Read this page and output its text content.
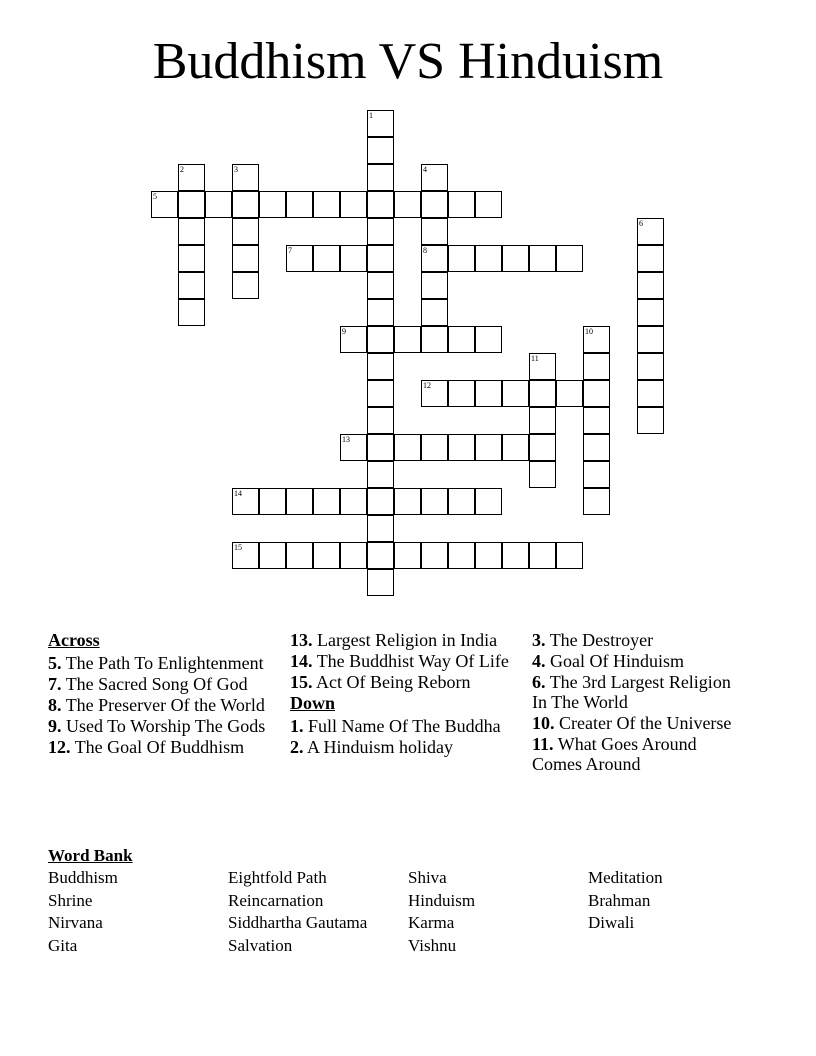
Buddhism VS Hinduism
1
2	3	4
5
6
7	8
9	10
11
12
13
14
15
Across
5. The Path To Enlightenment
7. The Sacred Song Of God
8. The Preserver Of the World
9. Used To Worship The Gods
12. The Goal Of Buddhism
13. Largest Religion in India
14. The Buddhist Way Of Life
15. Act Of Being Reborn
Down
1. Full Name Of The Buddha
2. A Hinduism holiday
3. The Destroyer
4. Goal Of Hinduism
6. The 3rd Largest Religion In The World
10. Creater Of the Universe
11. What Goes Around Comes Around
Word Bank
Buddhism	Eightfold Path	Shiva	Meditation
Shrine	Reincarnation	Hinduism	Brahman
Nirvana	Siddhartha Gautama	Karma	Diwali
Gita	Salvation	Vishnu
